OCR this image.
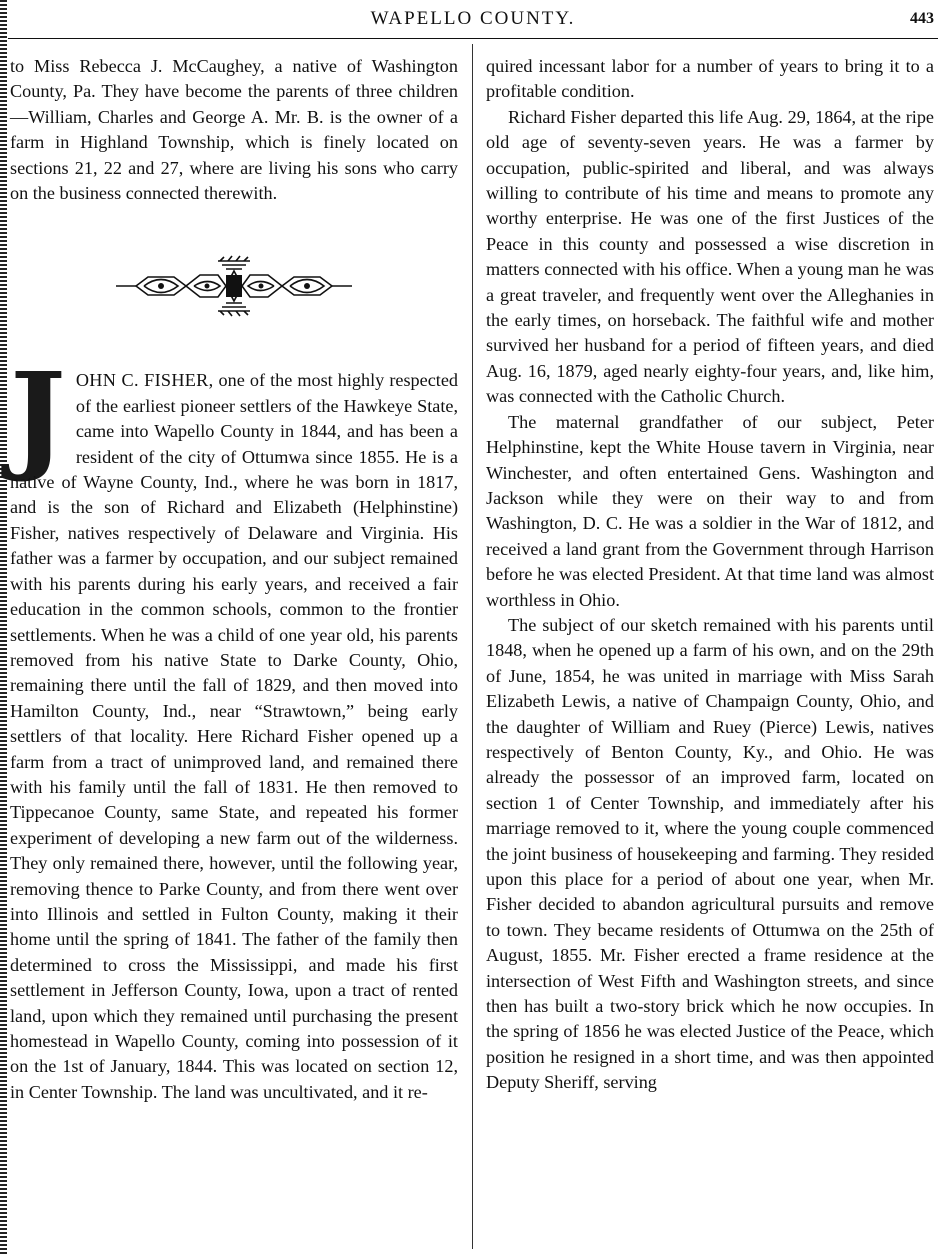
WAPELLO COUNTY.	443

to Miss Rebecca J. McCaughey, a native of Washington County, Pa. They have become the parents of three children—William, Charles and George A. Mr. B. is the owner of a farm in Highland Township, which is finely located on sections 21, 22 and 27, where are living his sons who carry on the business connected therewith.

JOHN C. FISHER, one of the most highly respected of the earliest pioneer settlers of the Hawkeye State, came into Wapello County in 1844, and has been a resident of the city of Ottumwa since 1855. He is a native of Wayne County, Ind., where he was born in 1817, and is the son of Richard and Elizabeth (Helphinstine) Fisher, natives respectively of Delaware and Virginia. His father was a farmer by occupation, and our subject remained with his parents during his early years, and received a fair education in the common schools, common to the frontier settlements. When he was a child of one year old, his parents removed from his native State to Darke County, Ohio, remaining there until the fall of 1829, and then moved into Hamilton County, Ind., near “Strawtown,” being early settlers of that locality. Here Richard Fisher opened up a farm from a tract of unimproved land, and remained there with his family until the fall of 1831. He then removed to Tippecanoe County, same State, and repeated his former experiment of developing a new farm out of the wilderness. They only remained there, however, until the following year, removing thence to Parke County, and from there went over into Illinois and settled in Fulton County, making it their home until the spring of 1841. The father of the family then determined to cross the Mississippi, and made his first settlement in Jefferson County, Iowa, upon a tract of rented land, upon which they remained until purchasing the present homestead in Wapello County, coming into possession of it on the 1st of January, 1844. This was located on section 12, in Center Township. The land was uncultivated, and it re-

quired incessant labor for a number of years to bring it to a profitable condition.

Richard Fisher departed this life Aug. 29, 1864, at the ripe old age of seventy-seven years. He was a farmer by occupation, public-spirited and liberal, and was always willing to contribute of his time and means to promote any worthy enterprise. He was one of the first Justices of the Peace in this county and possessed a wise discretion in matters connected with his office. When a young man he was a great traveler, and frequently went over the Alleghanies in the early times, on horseback. The faithful wife and mother survived her husband for a period of fifteen years, and died Aug. 16, 1879, aged nearly eighty-four years, and, like him, was connected with the Catholic Church.

The maternal grandfather of our subject, Peter Helphinstine, kept the White House tavern in Virginia, near Winchester, and often entertained Gens. Washington and Jackson while they were on their way to and from Washington, D. C. He was a soldier in the War of 1812, and received a land grant from the Government through Harrison before he was elected President. At that time land was almost worthless in Ohio.

The subject of our sketch remained with his parents until 1848, when he opened up a farm of his own, and on the 29th of June, 1854, he was united in marriage with Miss Sarah Elizabeth Lewis, a native of Champaign County, Ohio, and the daughter of William and Ruey (Pierce) Lewis, natives respectively of Benton County, Ky., and Ohio. He was already the possessor of an improved farm, located on section 1 of Center Township, and immediately after his marriage removed to it, where the young couple commenced the joint business of housekeeping and farming. They resided upon this place for a period of about one year, when Mr. Fisher decided to abandon agricultural pursuits and remove to town. They became residents of Ottumwa on the 25th of August, 1855. Mr. Fisher erected a frame residence at the intersection of West Fifth and Washington streets, and since then has built a two-story brick which he now occupies. In the spring of 1856 he was elected Justice of the Peace, which position he resigned in a short time, and was then appointed Deputy Sheriff, serving
